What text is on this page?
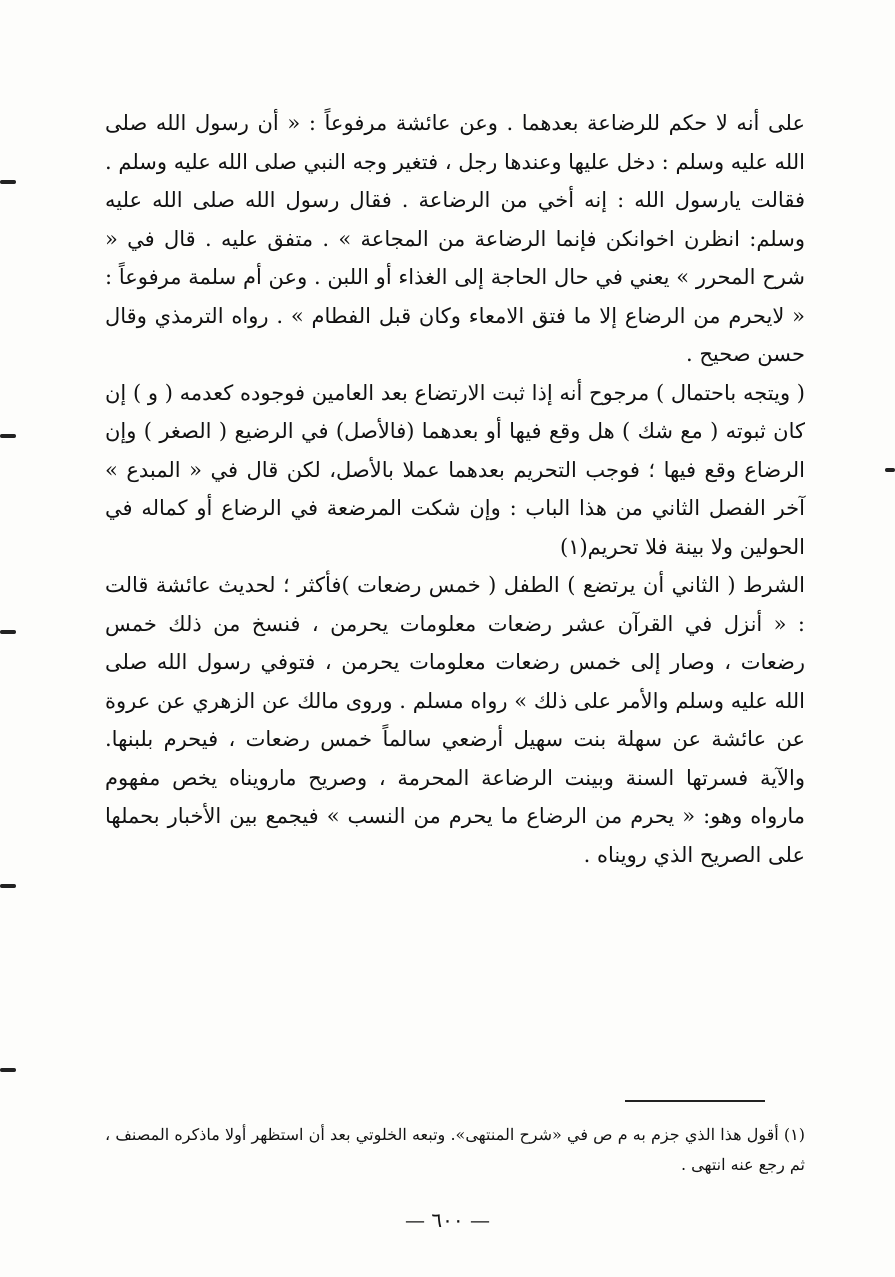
على أنه لا حكم للرضاعة بعدهما . وعن عائشة مرفوعاً : « أن رسول الله صلى الله عليه وسلم : دخل عليها وعندها رجل ، فتغير وجه النبي صلى الله عليه وسلم . فقالت يارسول الله : إنه أخي من الرضاعة . فقال رسول الله صلى الله عليه وسلم: انظرن اخوانكن فإنما الرضاعة من المجاعة » . متفق عليه . قال في « شرح المحرر » يعني في حال الحاجة إلى الغذاء أو اللبن . وعن أم سلمة مرفوعاً : « لايحرم من الرضاع إلا ما فتق الامعاء وكان قبل الفطام » . رواه الترمذي وقال حسن صحيح .

( ويتجه باحتمال ) مرجوح أنه إذا ثبت الارتضاع بعد العامين فوجوده كعدمه ( و ) إن كان ثبوته ( مع شك ) هل وقع فيها أو بعدهما (فالأصل) في الرضيع ( الصغر ) وإن الرضاع وقع فيها ؛ فوجب التحريم بعدهما عملا بالأصل، لكن قال في « المبدع » آخر الفصل الثاني من هذا الباب : وإن شكت المرضعة في الرضاع أو كماله في الحولين ولا بينة فلا تحريم(١)

الشرط ( الثاني أن يرتضع ) الطفل ( خمس رضعات )فأكثر ؛ لحديث عائشة قالت : « أنزل في القرآن عشر رضعات معلومات يحرمن ، فنسخ من ذلك خمس رضعات ، وصار إلى خمس رضعات معلومات يحرمن ، فتوفي رسول الله صلى الله عليه وسلم والأمر على ذلك » رواه مسلم . وروى مالك عن الزهري عن عروة عن عائشة عن سهلة بنت سهيل أرضعي سالماً خمس رضعات ، فيحرم بلبنها. والآية فسرتها السنة وبينت الرضاعة المحرمة ، وصريح مارويناه يخص مفهوم مارواه وهو: « يحرم من الرضاع ما يحرم من النسب » فيجمع بين الأخبار بحملها على الصريح الذي رويناه .

(١) أقول هذا الذي جزم به م ص في «شرح المنتهى». وتبعه الخلوتي بعد أن استظهر أولا ماذكره المصنف ، ثم رجع عنه انتهى .
— ٦٠٠ —
